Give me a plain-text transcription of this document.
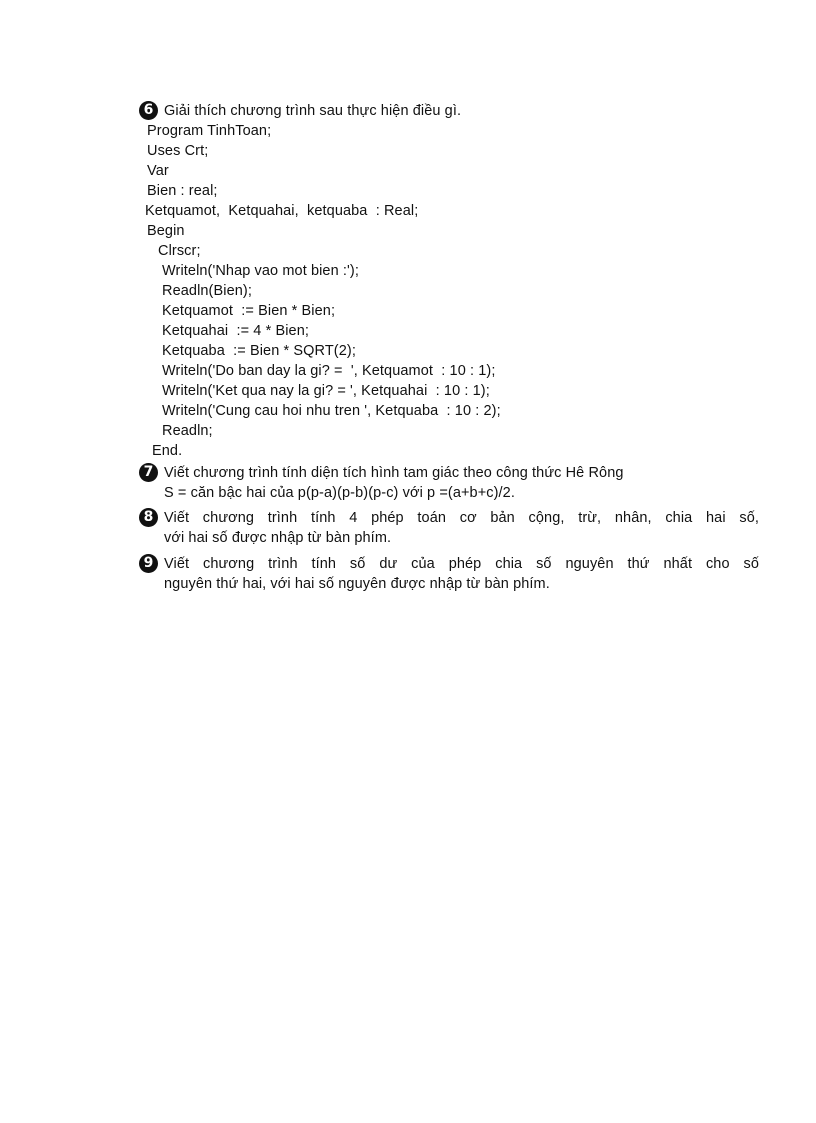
6 Giải thích chương trình sau thực hiện điều gì.
Program TinhToan;
Uses Crt;
Var
Bien : real;
Ketquamot,  Ketquahai,  ketquaba  : Real;
Begin
Clrscr;
Writeln('Nhap vao mot bien :');
Readln(Bien);
Ketquamot  := Bien * Bien;
Ketquahai  := 4 * Bien;
Ketquaba  := Bien * SQRT(2);
Writeln('Do ban day la gi? =  ', Ketquamot  : 10 : 1);
Writeln('Ket qua nay la gi? = ', Ketquahai  : 10 : 1);
Writeln('Cung cau hoi nhu tren ', Ketquaba  : 10 : 2);
Readln;
End.
7 Viết chương trình tính diện tích hình tam giác theo công thức Hê Rông
S = căn bậc hai của p(p-a)(p-b)(p-c) với p =(a+b+c)/2.
8 Viết chương trình tính 4 phép toán cơ bản cộng, trừ, nhân, chia hai số,
với hai số được nhập từ bàn phím.
9 Viết chương trình tính số dư của phép chia số nguyên thứ nhất cho số
nguyên thứ hai, với hai số nguyên được nhập từ bàn phím.
